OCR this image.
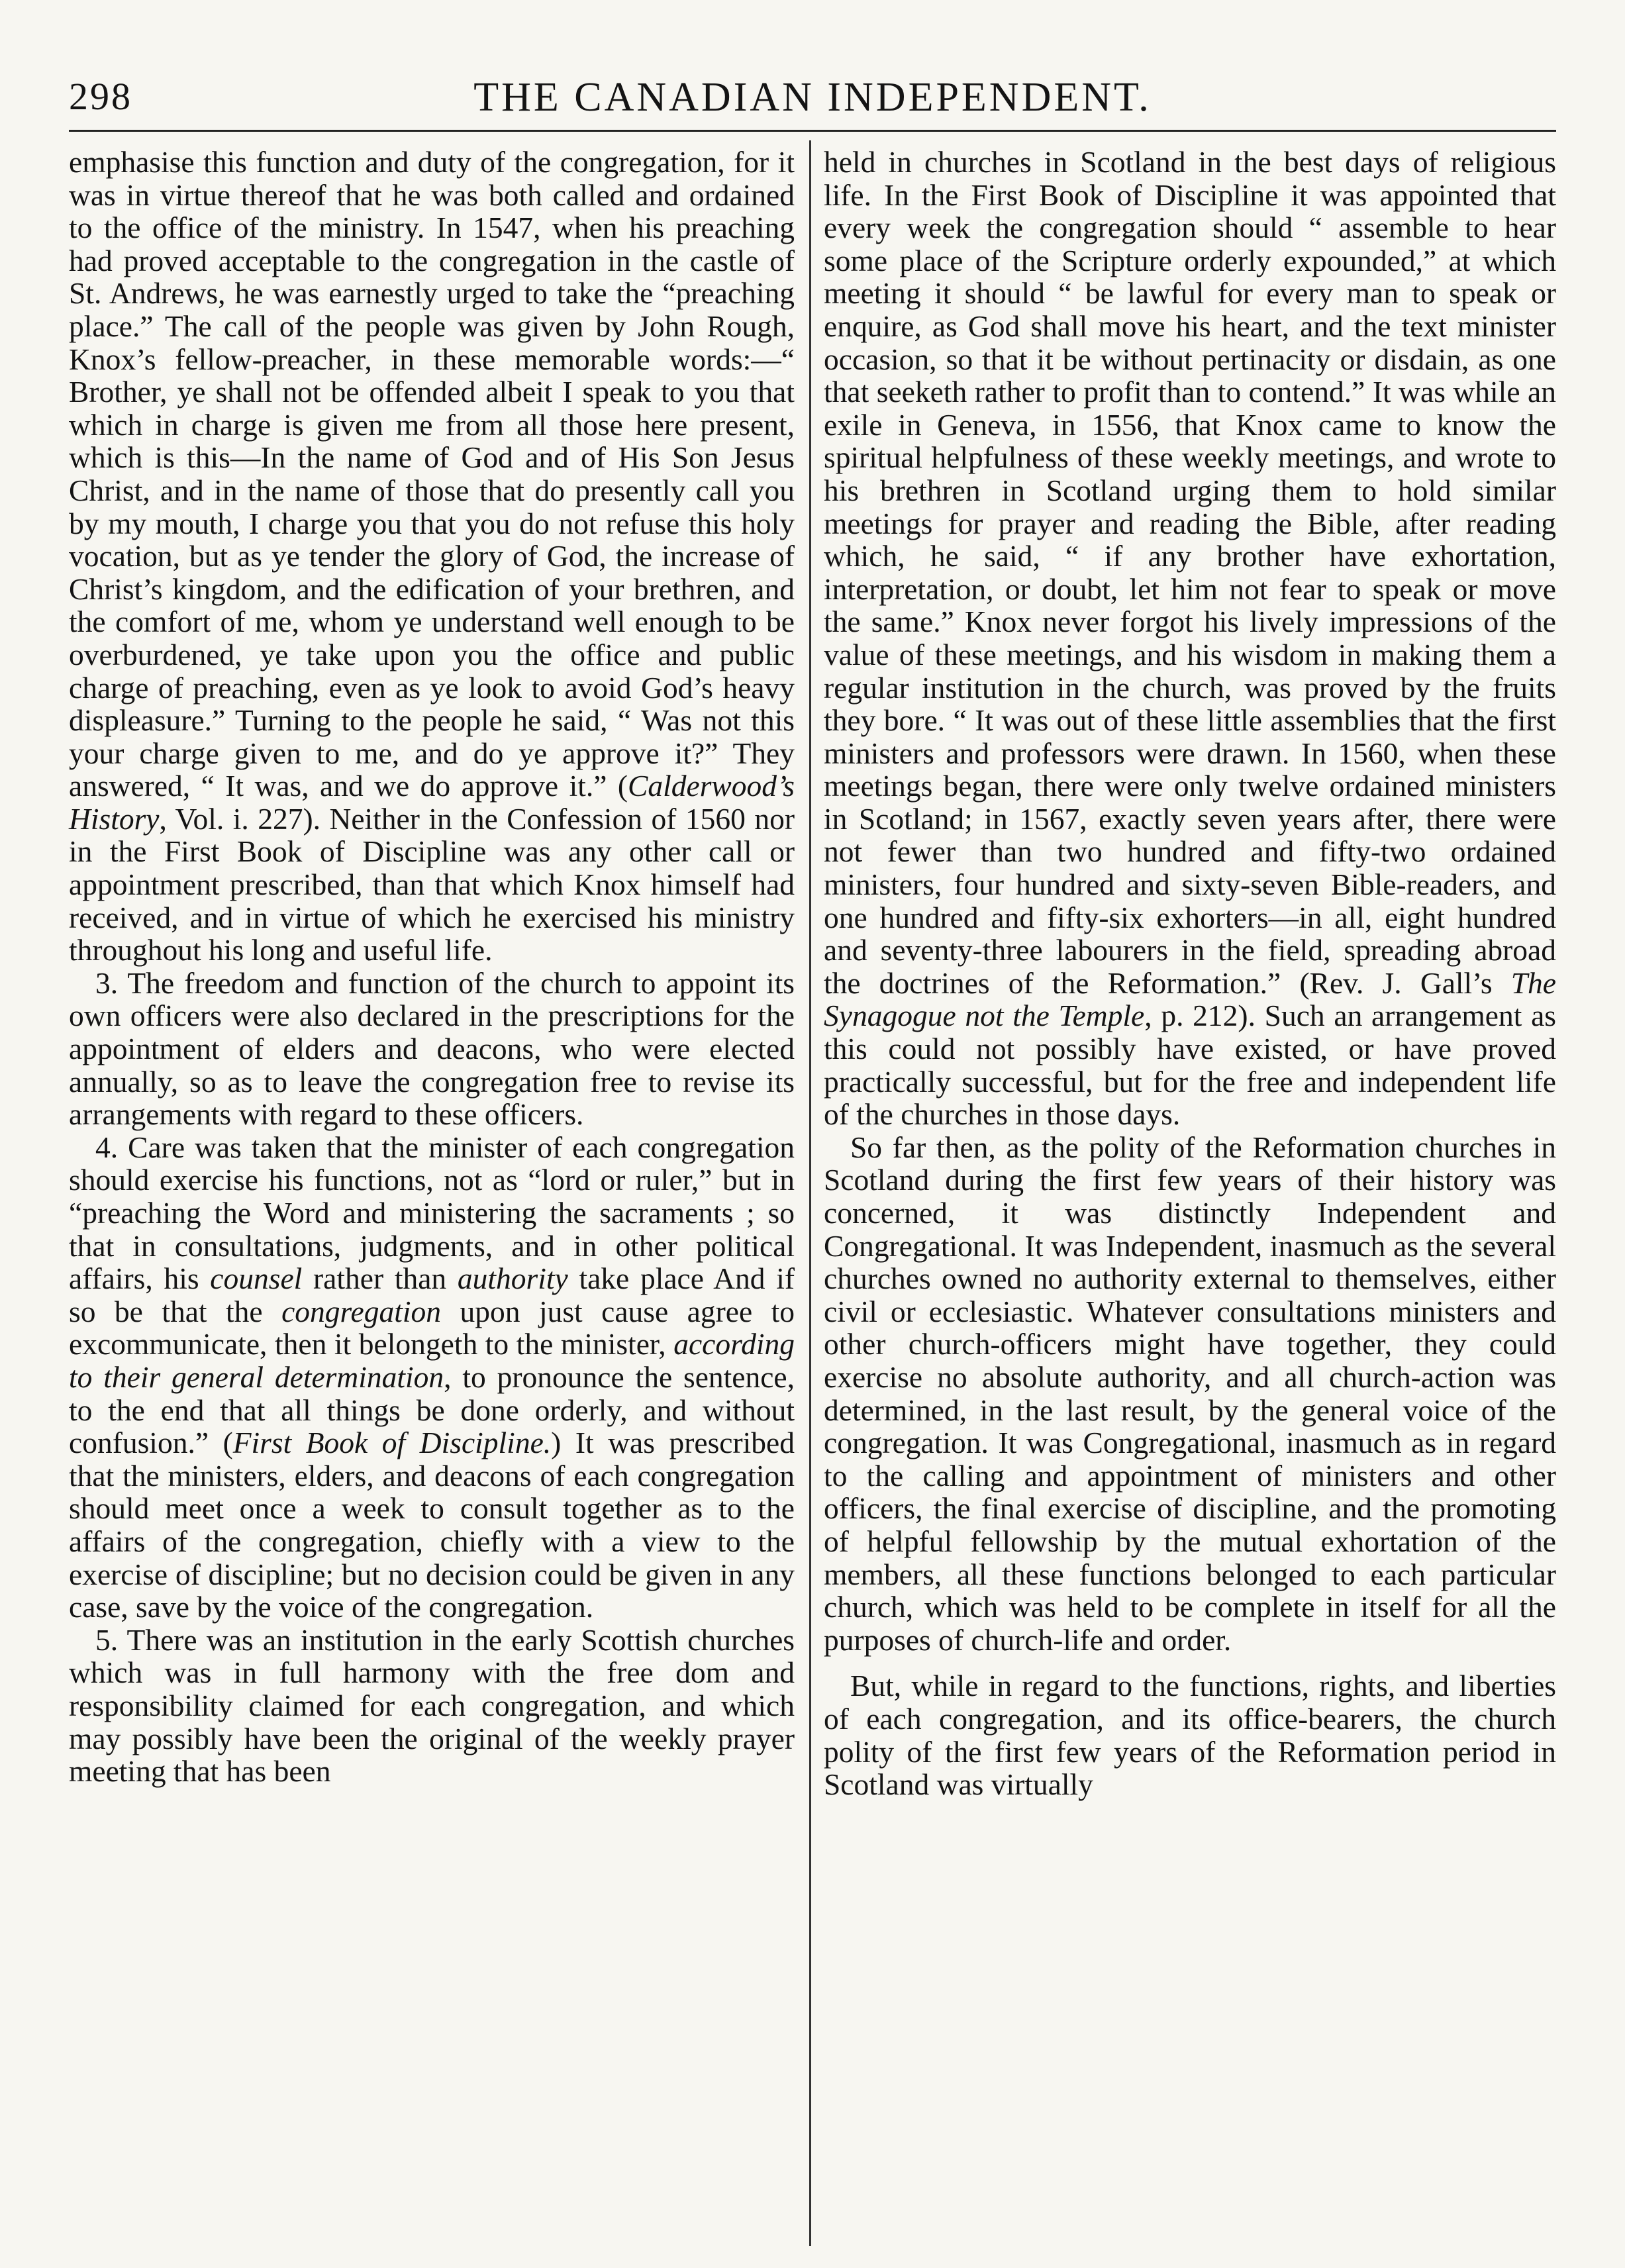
298	THE CANADIAN INDEPENDENT.

emphasise this function and duty of the congregation, for it was in virtue thereof that he was both called and ordained to the office of the ministry. In 1547, when his preaching had proved acceptable to the congregation in the castle of St. Andrews, he was earnestly urged to take the “preaching place.” The call of the people was given by John Rough, Knox’s fellow-preacher, in these memorable words:—“ Brother, ye shall not be offended albeit I speak to you that which in charge is given me from all those here present, which is this—In the name of God and of His Son Jesus Christ, and in the name of those that do presently call you by my mouth, I charge you that you do not refuse this holy vocation, but as ye tender the glory of God, the increase of Christ’s kingdom, and the edification of your brethren, and the comfort of me, whom ye understand well enough to be overburdened, ye take upon you the office and public charge of preaching, even as ye look to avoid God’s heavy displeasure.” Turning to the people he said, “ Was not this your charge given to me, and do ye approve it?” They answered, “ It was, and we do approve it.” (Calderwood’s History, Vol. i. 227). Neither in the Confession of 1560 nor in the First Book of Discipline was any other call or appointment prescribed, than that which Knox himself had received, and in virtue of which he exercised his ministry throughout his long and useful life.

3. The freedom and function of the church to appoint its own officers were also declared in the prescriptions for the appointment of elders and deacons, who were elected annually, so as to leave the congregation free to revise its arrangements with regard to these officers.

4. Care was taken that the minister of each congregation should exercise his functions, not as “lord or ruler,” but in “preaching the Word and ministering the sacraments ; so that in consultations, judgments, and in other political affairs, his counsel rather than authority take place And if so be that the congregation upon just cause agree to excommunicate, then it belongeth to the minister, according to their general determination, to pronounce the sentence, to the end that all things be done orderly, and without confusion.” (First Book of Discipline.) It was prescribed that the ministers, elders, and deacons of each congregation should meet once a week to consult together as to the affairs of the congregation, chiefly with a view to the exercise of discipline; but no decision could be given in any case, save by the voice of the congregation.

5. There was an institution in the early Scottish churches which was in full harmony with the free dom and responsibility claimed for each congregation, and which may possibly have been the original of the weekly prayer meeting that has been

held in churches in Scotland in the best days of religious life. In the First Book of Discipline it was appointed that every week the congregation should “ assemble to hear some place of the Scripture orderly expounded,” at which meeting it should “ be lawful for every man to speak or enquire, as God shall move his heart, and the text minister occasion, so that it be without pertinacity or disdain, as one that seeketh rather to profit than to contend.” It was while an exile in Geneva, in 1556, that Knox came to know the spiritual helpfulness of these weekly meetings, and wrote to his brethren in Scotland urging them to hold similar meetings for prayer and reading the Bible, after reading which, he said, “ if any brother have exhortation, interpretation, or doubt, let him not fear to speak or move the same.” Knox never forgot his lively impressions of the value of these meetings, and his wisdom in making them a regular institution in the church, was proved by the fruits they bore. “ It was out of these little assemblies that the first ministers and professors were drawn. In 1560, when these meetings began, there were only twelve ordained ministers in Scotland; in 1567, exactly seven years after, there were not fewer than two hundred and fifty-two ordained ministers, four hundred and sixty-seven Bible-readers, and one hundred and fifty-six exhorters—in all, eight hundred and seventy-three labourers in the field, spreading abroad the doctrines of the Reformation.” (Rev. J. Gall’s The Synagogue not the Temple, p. 212). Such an arrangement as this could not possibly have existed, or have proved practically successful, but for the free and independent life of the churches in those days.

So far then, as the polity of the Reformation churches in Scotland during the first few years of their history was concerned, it was distinctly Independent and Congregational. It was Independent, inasmuch as the several churches owned no authority external to themselves, either civil or ecclesiastic. Whatever consultations ministers and other church-officers might have together, they could exercise no absolute authority, and all church-action was determined, in the last result, by the general voice of the congregation. It was Congregational, inasmuch as in regard to the calling and appointment of ministers and other officers, the final exercise of discipline, and the promoting of helpful fellowship by the mutual exhortation of the members, all these functions belonged to each particular church, which was held to be complete in itself for all the purposes of church-life and order.

But, while in regard to the functions, rights, and liberties of each congregation, and its office-bearers, the church polity of the first few years of the Reformation period in Scotland was virtually
